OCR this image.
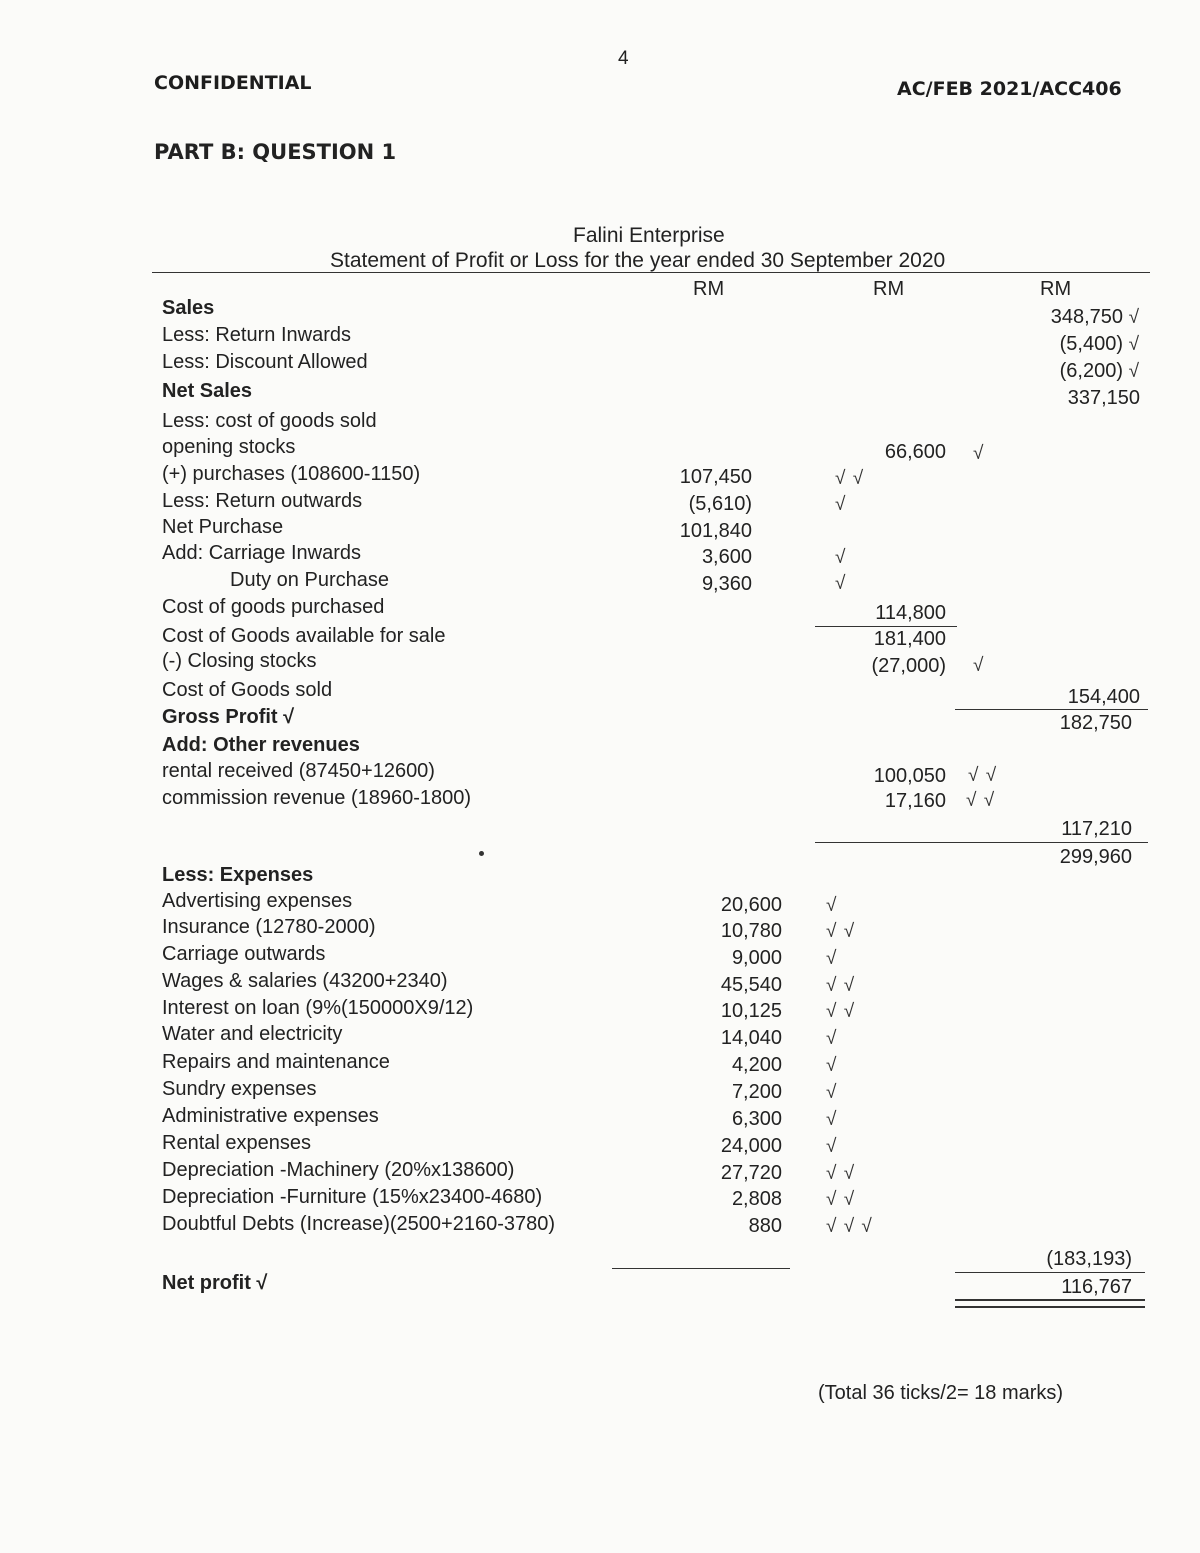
4
CONFIDENTIAL	AC/FEB 2021/ACC406
PART B: QUESTION 1
Falini Enterprise
Statement of Profit or Loss for the year ended 30 September 2020
RM	RM	RM
Sales	348,750 √
Less: Return Inwards	(5,400) √
Less: Discount Allowed	(6,200) √
Net Sales	337,150
Less: cost of goods sold
opening stocks	66,600 √
(+) purchases (108600-1150)	107,450	√ √
Less: Return outwards	(5,610)	√
Net Purchase	101,840
Add: Carriage Inwards	3,600	√
Duty on Purchase	9,360	√
Cost of goods purchased	114,800
Cost of Goods available for sale	181,400
(-) Closing stocks	(27,000) √
Cost of Goods sold	154,400
Gross Profit √	182,750
Add: Other revenues
rental received (87450+12600)	100,050 √ √
commission revenue (18960-1800)	17,160 √ √
117,210
299,960
Less: Expenses
Advertising expenses	20,600 √
Insurance (12780-2000)	10,780 √ √
Carriage outwards	9,000 √
Wages & salaries (43200+2340)	45,540 √ √
Interest on loan (9%(150000X9/12)	10,125 √ √
Water and electricity	14,040 √
Repairs and maintenance	4,200 √
Sundry expenses	7,200 √
Administrative expenses	6,300 √
Rental expenses	24,000 √
Depreciation -Machinery (20%x138600)	27,720 √ √
Depreciation -Furniture (15%x23400-4680)	2,808 √ √
Doubtful Debts (Increase)(2500+2160-3780)	880 √ √ √
(183,193)
Net profit √	116,767
(Total 36 ticks/2= 18 marks)
